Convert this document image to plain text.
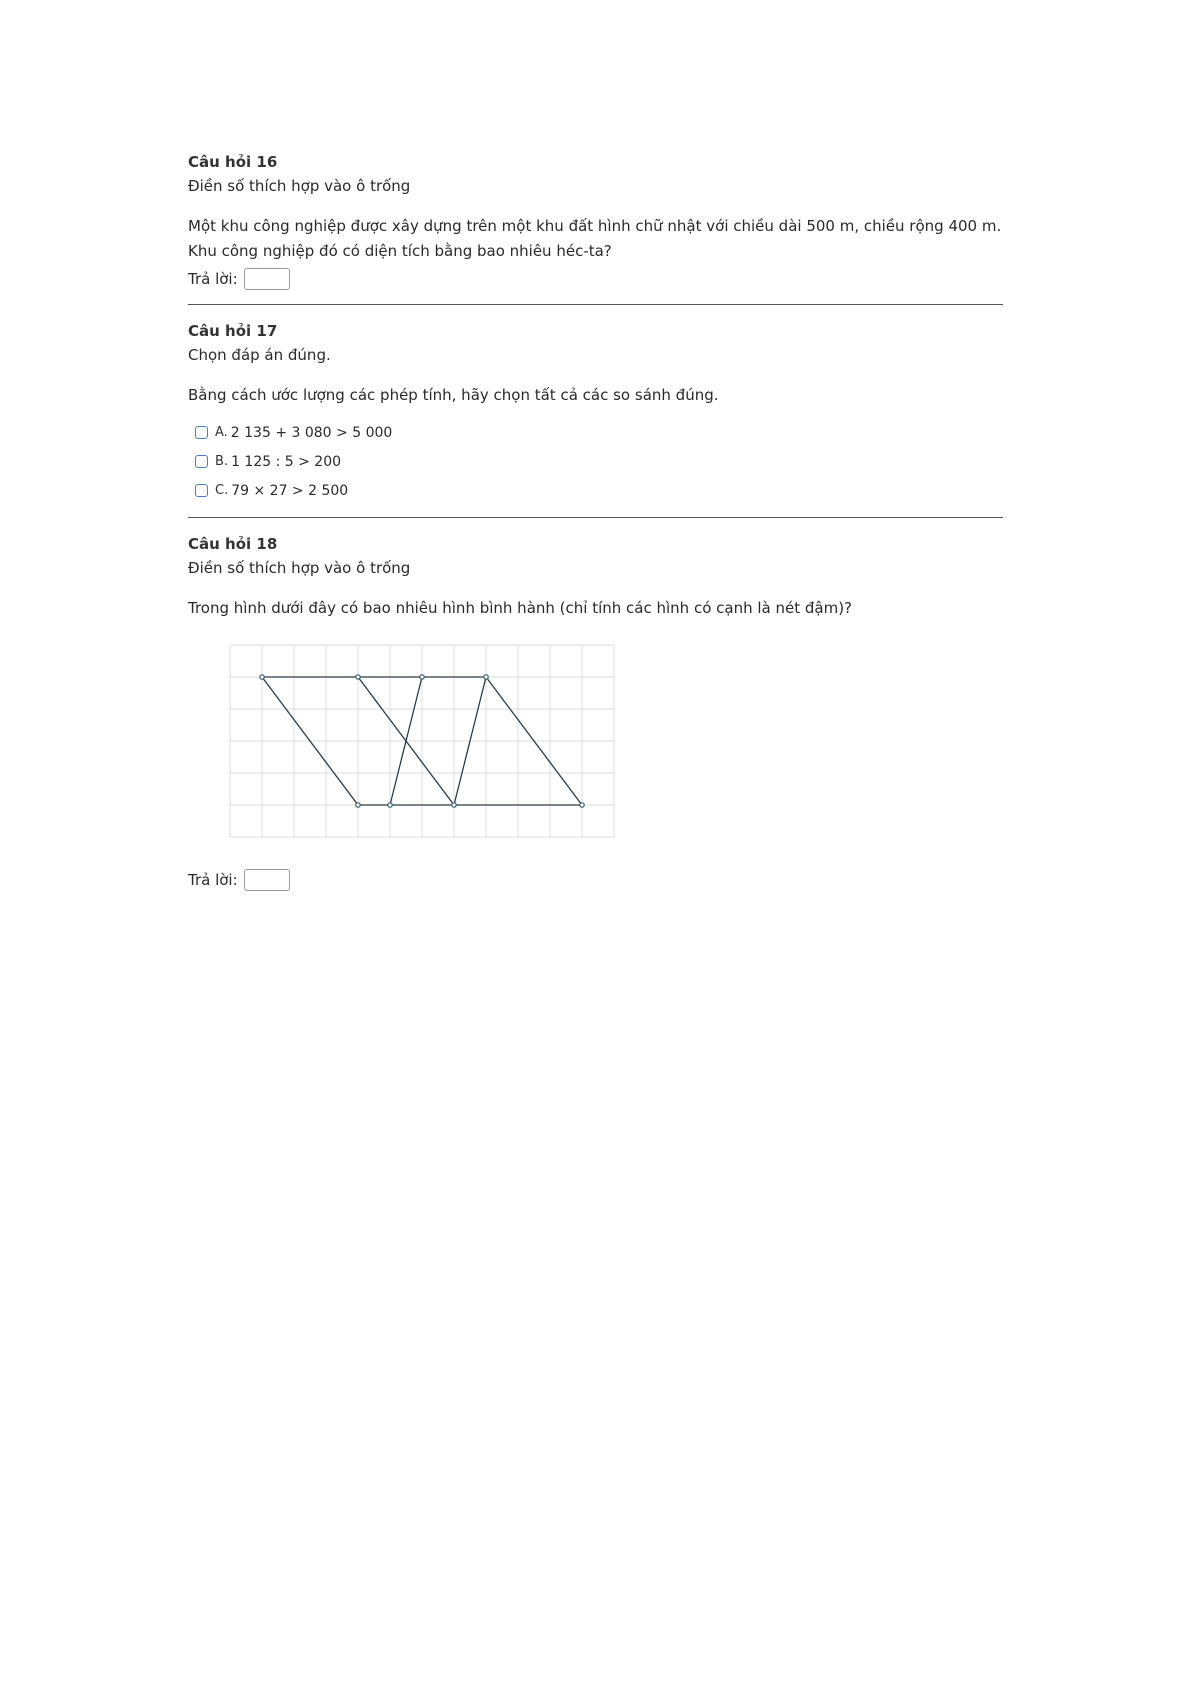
Câu hỏi 16
Điền số thích hợp vào ô trống
Một khu công nghiệp được xây dựng trên một khu đất hình chữ nhật với chiều dài 500 m, chiều rộng 400 m. Khu công nghiệp đó có diện tích bằng bao nhiêu héc-ta?
Trả lời:
Câu hỏi 17
Chọn đáp án đúng.
Bằng cách ước lượng các phép tính, hãy chọn tất cả các so sánh đúng.
A. 2 135 + 3 080 > 5 000
B. 1 125 : 5 > 200
C. 79 × 27 > 2 500
Câu hỏi 18
Điền số thích hợp vào ô trống
Trong hình dưới đây có bao nhiêu hình bình hành (chỉ tính các hình có cạnh là nét đậm)?
Trả lời:
